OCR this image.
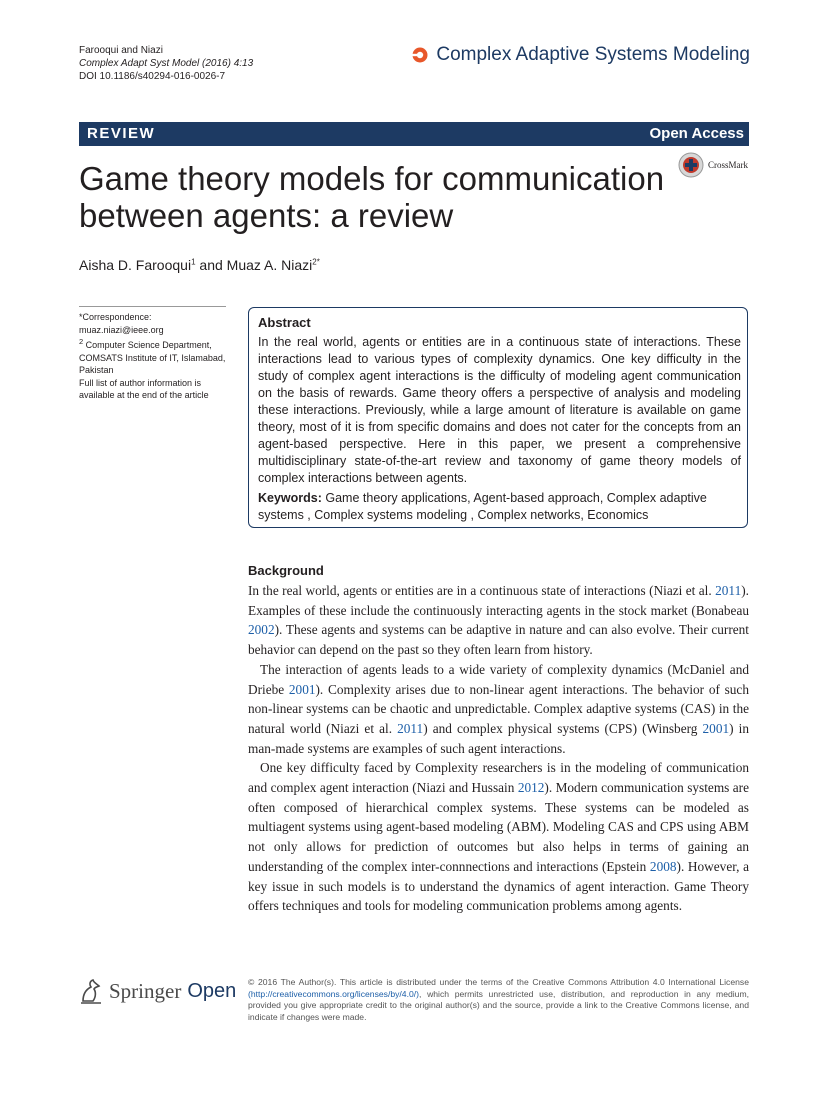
Farooqui and Niazi
Complex Adapt Syst Model (2016) 4:13
DOI 10.1186/s40294-016-0026-7
Complex Adaptive Systems Modeling
REVIEW	Open Access
Game theory models for communication between agents: a review
CrossMark
Aisha D. Farooqui$^1$ and Muaz A. Niazi$^{2*}$
*Correspondence:
muaz.niazi@ieee.org
$^2$ Computer Science Department, COMSATS Institute of IT, Islamabad, Pakistan
Full list of author information is available at the end of the article
Abstract
In the real world, agents or entities are in a continuous state of interactions. These interactions lead to various types of complexity dynamics. One key difficulty in the study of complex agent interactions is the difficulty of modeling agent communication on the basis of rewards. Game theory offers a perspective of analysis and modeling these interactions. Previously, while a large amount of literature is available on game theory, most of it is from specific domains and does not cater for the concepts from an agent-based perspective. Here in this paper, we present a comprehensive multidisciplinary state-of-the-art review and taxonomy of game theory models of complex interactions between agents.
Keywords: Game theory applications, Agent-based approach, Complex adaptive systems , Complex systems modeling , Complex networks, Economics
Background

In the real world, agents or entities are in a continuous state of interactions (Niazi et al. 2011). Examples of these include the continuously interacting agents in the stock market (Bonabeau 2002). These agents and systems can be adaptive in nature and can also evolve. Their current behavior can depend on the past so they often learn from history.

The interaction of agents leads to a wide variety of complexity dynamics (McDaniel and Driebe 2001). Complexity arises due to non-linear agent interactions. The behavior of such non-linear systems can be chaotic and unpredictable. Complex adaptive systems (CAS) in the natural world (Niazi et al. 2011) and complex physical systems (CPS) (Winsberg 2001) in man-made systems are examples of such agent interactions.

One key difficulty faced by Complexity researchers is in the modeling of communication and complex agent interaction (Niazi and Hussain 2012). Modern communication systems are often composed of hierarchical complex systems. These systems can be modeled as multiagent systems using agent-based modeling (ABM). Modeling CAS and CPS using ABM not only allows for prediction of outcomes but also helps in terms of gaining an understanding of the complex inter-connnections and interactions (Epstein 2008). However, a key issue in such models is to understand the dynamics of agent interaction. Game Theory offers techniques and tools for modeling communication problems among agents.

Springer Open © 2016 The Author(s). This article is distributed under the terms of the Creative Commons Attribution 4.0 International License (http://creativecommons.org/licenses/by/4.0/), which permits unrestricted use, distribution, and reproduction in any medium, provided you give appropriate credit to the original author(s) and the source, provide a link to the Creative Commons license, and indicate if changes were made.
